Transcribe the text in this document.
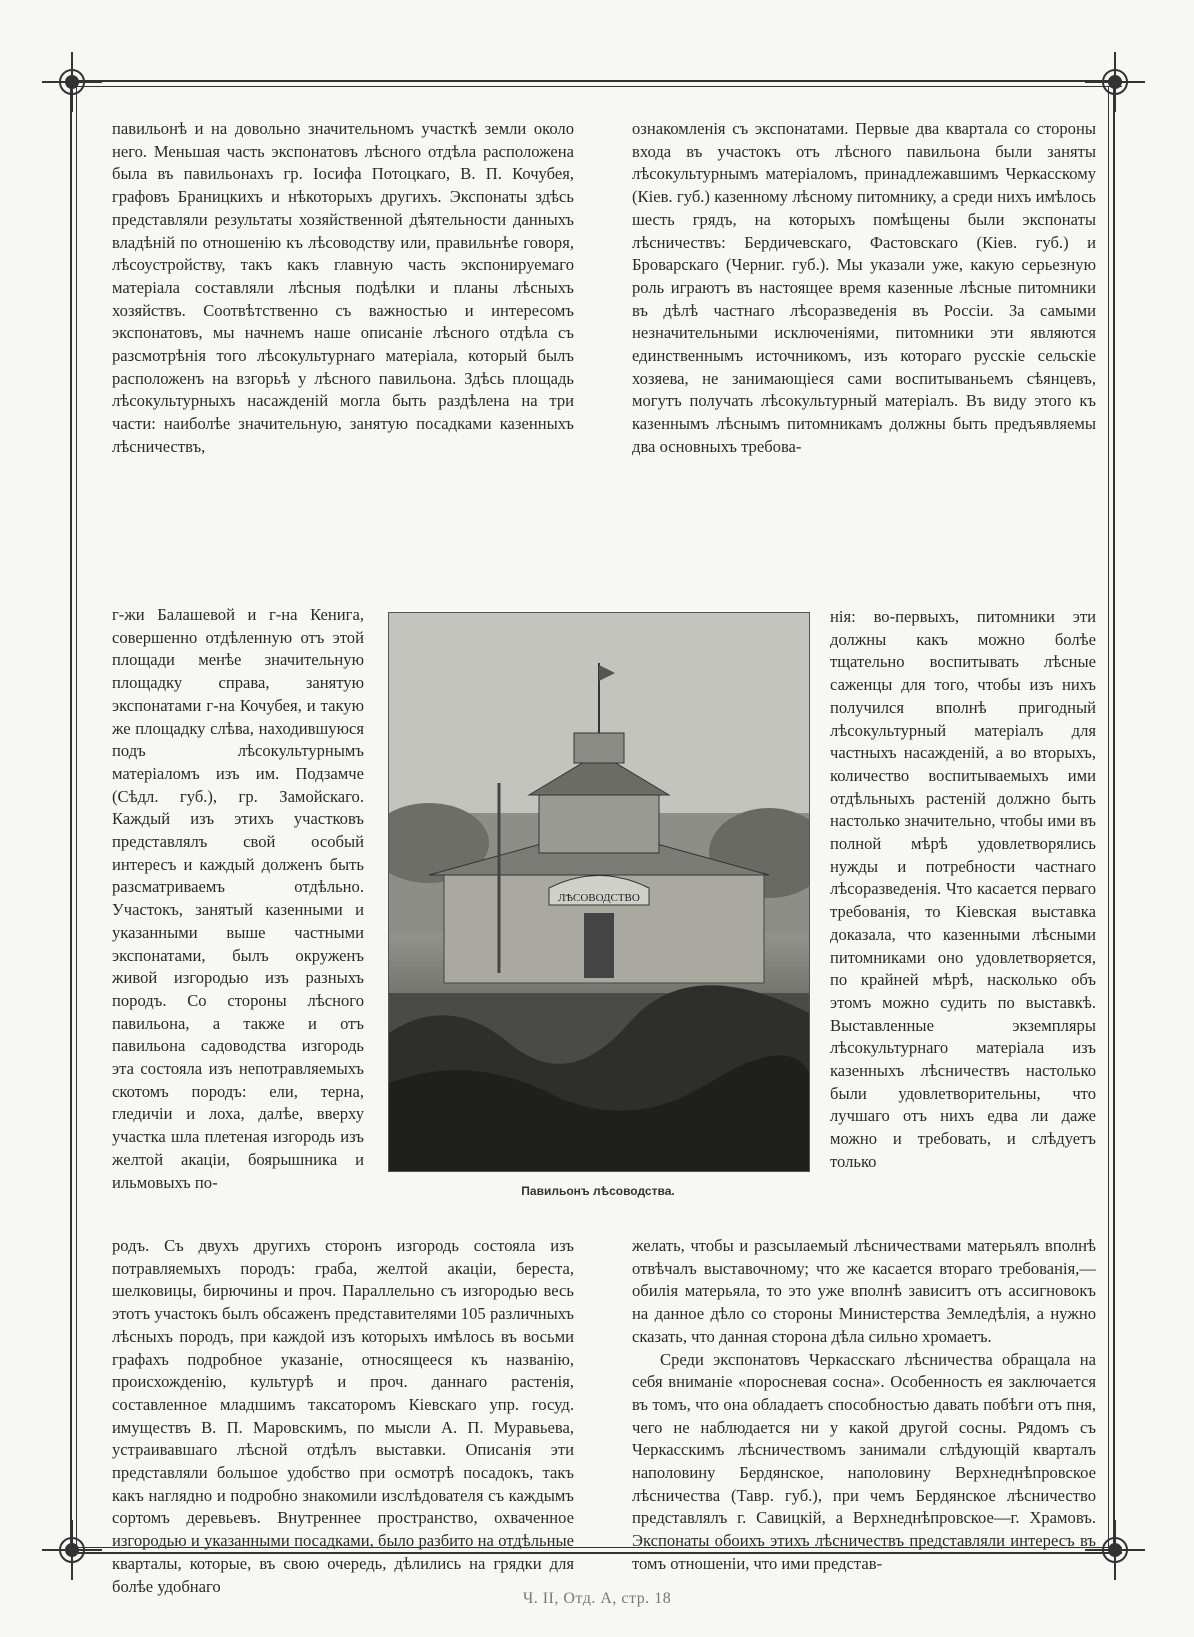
павильонѣ и на довольно значительномъ участкѣ земли около него. Меньшая часть экспонатовъ лѣсного отдѣла расположена была въ павильонахъ гр. Іосифа Потоцкаго, В. П. Кочубея, графовъ Браницкихъ и нѣкоторыхъ другихъ. Экспонаты здѣсь представляли результаты хозяйственной дѣятельности данныхъ владѣній по отношенію къ лѣсоводству или, правильнѣе говоря, лѣсоустройству, такъ какъ главную часть экспонируемаго матеріала составляли лѣсныя подѣлки и планы лѣсныхъ хозяйствъ. Соотвѣтственно съ важностью и интересомъ экспонатовъ, мы начнемъ наше описаніе лѣсного отдѣла съ разсмотрѣнія того лѣсокультурнаго матеріала, который былъ расположенъ на взгорьѣ у лѣсного павильона. Здѣсь площадь лѣсокультурныхъ насажденій могла быть раздѣлена на три части: наиболѣе значительную, занятую посадками казенныхъ лѣсничествъ,

ознакомленія съ экспонатами. Первые два квартала со стороны входа въ участокъ отъ лѣсного павильона были заняты лѣсокультурнымъ матеріаломъ, принадлежавшимъ Черкасскому (Кіев. губ.) казенному лѣсному питомнику, а среди нихъ имѣлось шесть грядъ, на которыхъ помѣщены были экспонаты лѣсничествъ: Бердичевскаго, Фастовскаго (Кіев. губ.) и Броварскаго (Черниг. губ.). Мы указали уже, какую серьезную роль играютъ въ настоящее время казенные лѣсные питомники въ дѣлѣ частнаго лѣсоразведенія въ Россіи. За самыми незначительными исключеніями, питомники эти являются единственнымъ источникомъ, изъ котораго русскіе сельскіе хозяева, не занимающіеся сами воспитываньемъ сѣянцевъ, могутъ получать лѣсокультурный матеріалъ. Въ виду этого къ казеннымъ лѣснымъ питомникамъ должны быть предъявляемы два основныхъ требова-

г-жи Балашевой и г-на Кенига, совершенно отдѣленную отъ этой площади менѣе значительную площадку справа, занятую экспонатами г-на Кочубея, и такую же площадку слѣва, находившуюся подъ лѣсокультурнымъ матеріаломъ изъ им. Подзамче (Сѣдл. губ.), гр. Замойскаго. Каждый изъ этихъ участковъ представлялъ свой особый интересъ и каждый долженъ быть разсматриваемъ отдѣльно. Участокъ, занятый казенными и указанными выше частными экспонатами, былъ окруженъ живой изгородью изъ разныхъ породъ. Со стороны лѣсного павильона, а также и отъ павильона садоводства изгородь эта состояла изъ непотравляемыхъ скотомъ породъ: ели, терна, гледичіи и лоха, далѣе, вверху участка шла плетеная изгородь изъ желтой акаціи, боярышника и ильмовыхъ по-

нія: во-первыхъ, питомники эти должны какъ можно болѣе тщательно воспитывать лѣсные саженцы для того, чтобы изъ нихъ получился вполнѣ пригодный лѣсокультурный матеріалъ для частныхъ насажденій, а во вторыхъ, количество воспитываемыхъ ими отдѣльныхъ растеній должно быть настолько значительно, чтобы ими въ полной мѣрѣ удовлетворялись нужды и потребности частнаго лѣсоразведенія. Что касается перваго требованія, то Кіевская выставка доказала, что казенными лѣсными питомниками оно удовлетворяется, по крайней мѣрѣ, насколько объ этомъ можно судить по выставкѣ. Выставленные экземпляры лѣсокультурнаго матеріала изъ казенныхъ лѣсничествъ настолько были удовлетворительны, что лучшаго отъ нихъ едва ли даже можно и требовать, и слѣдуетъ только

ЛѢСОВОДСТВО
Павильонъ лѣсоводства.

родъ. Съ двухъ другихъ сторонъ изгородь состояла изъ потравляемыхъ породъ: граба, желтой акаціи, береста, шелковицы, бирючины и проч. Параллельно съ изгородью весь этотъ участокъ былъ обсаженъ представителями 105 различныхъ лѣсныхъ породъ, при каждой изъ которыхъ имѣлось въ восьми графахъ подробное указаніе, относящееся къ названію, происхожденію, культурѣ и проч. даннаго растенія, составленное младшимъ таксаторомъ Кіевскаго упр. госуд. имуществъ В. П. Маровскимъ, по мысли А. П. Муравьева, устраивавшаго лѣсной отдѣлъ выставки. Описанія эти представляли большое удобство при осмотрѣ посадокъ, такъ какъ наглядно и подробно знакомили изслѣдователя съ каждымъ сортомъ деревьевъ. Внутреннее пространство, охваченное изгородью и указанными посадками, было разбито на отдѣльные кварталы, которые, въ свою очередь, дѣлились на грядки для болѣе удобнаго

желать, чтобы и разсылаемый лѣсничествами матерьялъ вполнѣ отвѣчалъ выставочному; что же касается втораго требованія,—обилія матерьяла, то это уже вполнѣ зависитъ отъ ассигновокъ на данное дѣло со стороны Министерства Земледѣлія, а нужно сказать, что данная сторона дѣла сильно хромаетъ.

Среди экспонатовъ Черкасскаго лѣсничества обращала на себя вниманіе «поросневая сосна». Особенность ея заключается въ томъ, что она обладаетъ способностью давать побѣги отъ пня, чего не наблюдается ни у какой другой сосны. Рядомъ съ Черкасскимъ лѣсничествомъ занимали слѣдующій кварталъ наполовину Бердянское, наполовину Верхнеднѣпровское лѣсничества (Тавр. губ.), при чемъ Бердянское лѣсничество представлялъ г. Савицкій, а Верхнеднѣпровское—г. Храмовъ. Экспонаты обоихъ этихъ лѣсничествъ представляли интересъ въ томъ отношеніи, что ими представ-

Ч. II, Отд. А, стр. 18
